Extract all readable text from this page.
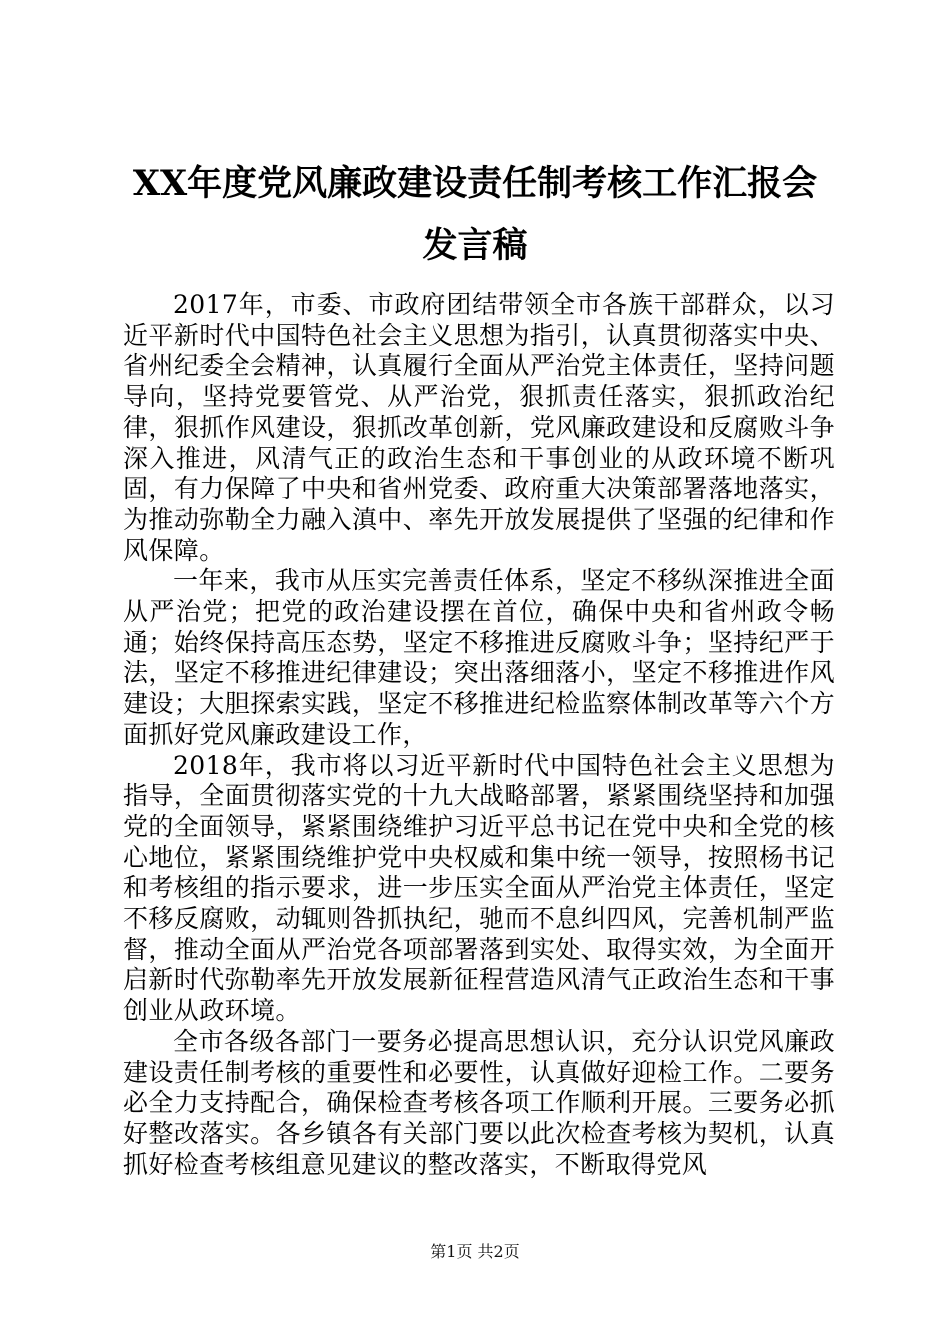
XX年度党风廉政建设责任制考核工作汇报会
发言稿

2017年，市委、市政府团结带领全市各族干部群众，以习近平新时代中国特色社会主义思想为指引，认真贯彻落实中央、省州纪委全会精神，认真履行全面从严治党主体责任，坚持问题导向，坚持党要管党、从严治党，狠抓责任落实，狠抓政治纪律，狠抓作风建设，狠抓改革创新，党风廉政建设和反腐败斗争深入推进，风清气正的政治生态和干事创业的从政环境不断巩固，有力保障了中央和省州党委、政府重大决策部署落地落实，为推动弥勒全力融入滇中、率先开放发展提供了坚强的纪律和作风保障。

一年来，我市从压实完善责任体系，坚定不移纵深推进全面从严治党；把党的政治建设摆在首位，确保中央和省州政令畅通；始终保持高压态势，坚定不移推进反腐败斗争；坚持纪严于法，坚定不移推进纪律建设；突出落细落小，坚定不移推进作风建设；大胆探索实践，坚定不移推进纪检监察体制改革等六个方面抓好党风廉政建设工作，

2018年，我市将以习近平新时代中国特色社会主义思想为指导，全面贯彻落实党的十九大战略部署，紧紧围绕坚持和加强党的全面领导，紧紧围绕维护习近平总书记在党中央和全党的核心地位，紧紧围绕维护党中央权威和集中统一领导，按照杨书记和考核组的指示要求，进一步压实全面从严治党主体责任，坚定不移反腐败，动辄则咎抓执纪，驰而不息纠四风，完善机制严监督，推动全面从严治党各项部署落到实处、取得实效，为全面开启新时代弥勒率先开放发展新征程营造风清气正政治生态和干事创业从政环境。

全市各级各部门一要务必提高思想认识，充分认识党风廉政建设责任制考核的重要性和必要性，认真做好迎检工作。二要务必全力支持配合，确保检查考核各项工作顺利开展。三要务必抓好整改落实。各乡镇各有关部门要以此次检查考核为契机，认真抓好检查考核组意见建议的整改落实，不断取得党风

第1页 共2页
